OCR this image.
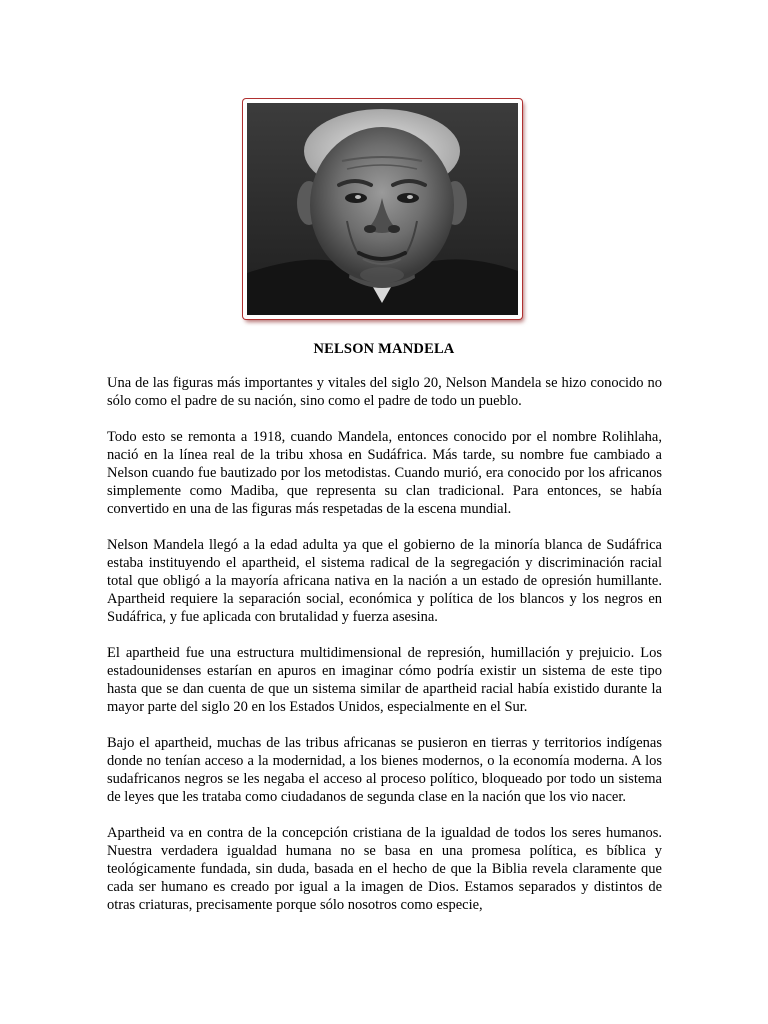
NELSON MANDELA

Una de las figuras más importantes y vitales del siglo 20, Nelson Mandela se hizo conocido no sólo como el padre de su nación, sino como el padre de todo un pueblo.

Todo esto se remonta a 1918, cuando Mandela, entonces conocido por el nombre Rolihlaha, nació en la línea real de la tribu xhosa en Sudáfrica. Más tarde, su nombre fue cambiado a Nelson cuando fue bautizado por los metodistas. Cuando murió, era conocido por los africanos simplemente como Madiba, que representa su clan tradicional. Para entonces, se había convertido en una de las figuras más respetadas de la escena mundial.

Nelson Mandela llegó a la edad adulta ya que el gobierno de la minoría blanca de Sudáfrica estaba instituyendo el apartheid, el sistema radical de la segregación y discriminación racial total que obligó a la mayoría africana nativa en la nación a un estado de opresión humillante. Apartheid requiere la separación social, económica y política de los blancos y los negros en Sudáfrica, y fue aplicada con brutalidad y fuerza asesina.

El apartheid fue una estructura multidimensional de represión, humillación y prejuicio. Los estadounidenses estarían en apuros en imaginar cómo podría existir un sistema de este tipo hasta que se dan cuenta de que un sistema similar de apartheid racial había existido durante la mayor parte del siglo 20 en los Estados Unidos, especialmente en el Sur.

Bajo el apartheid, muchas de las tribus africanas se pusieron en tierras y territorios indígenas donde no tenían acceso a la modernidad, a los bienes modernos, o la economía moderna. A los sudafricanos negros se les negaba el acceso al proceso político, bloqueado por todo un sistema de leyes que les trataba como ciudadanos de segunda clase en la nación que los vio nacer.

Apartheid va en contra de la concepción cristiana de la igualdad de todos los seres humanos. Nuestra verdadera igualdad humana no se basa en una promesa política, es bíblica y teológicamente fundada, sin duda, basada en el hecho de que la Biblia revela claramente que cada ser humano es creado por igual a la imagen de Dios. Estamos separados y distintos de otras criaturas, precisamente porque sólo nosotros como especie,
